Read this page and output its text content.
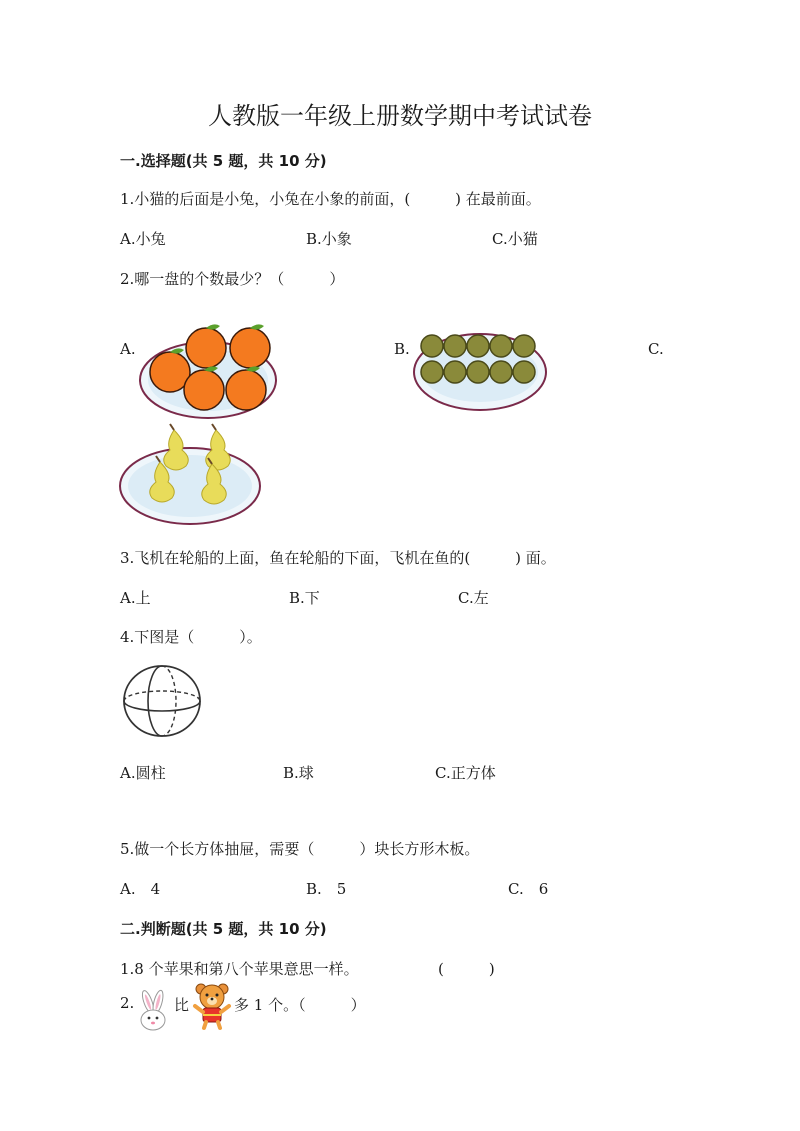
人教版一年级上册数学期中考试试卷
一.选择题(共 5 题，共 10 分)
1.小猫的后面是小兔，小兔在小象的前面，(　　　) 在最前面。
A.小兔	B.小象	C.小猫
2.哪一盘的个数最少？（　　　）
A.	B.	C.
3.飞机在轮船的上面，鱼在轮船的下面，飞机在鱼的(　　　) 面。
A.上	B.下	C.左
4.下图是（　　　）。
A.圆柱	B.球	C.正方体
5.做一个长方体抽屉，需要（　　　）块长方形木板。
A.　4	B.　5	C.　6
二.判断题(共 5 题，共 10 分)
1.8 个苹果和第八个苹果意思一样。	(　　　)
2.	比	多 1 个。（　　　）
